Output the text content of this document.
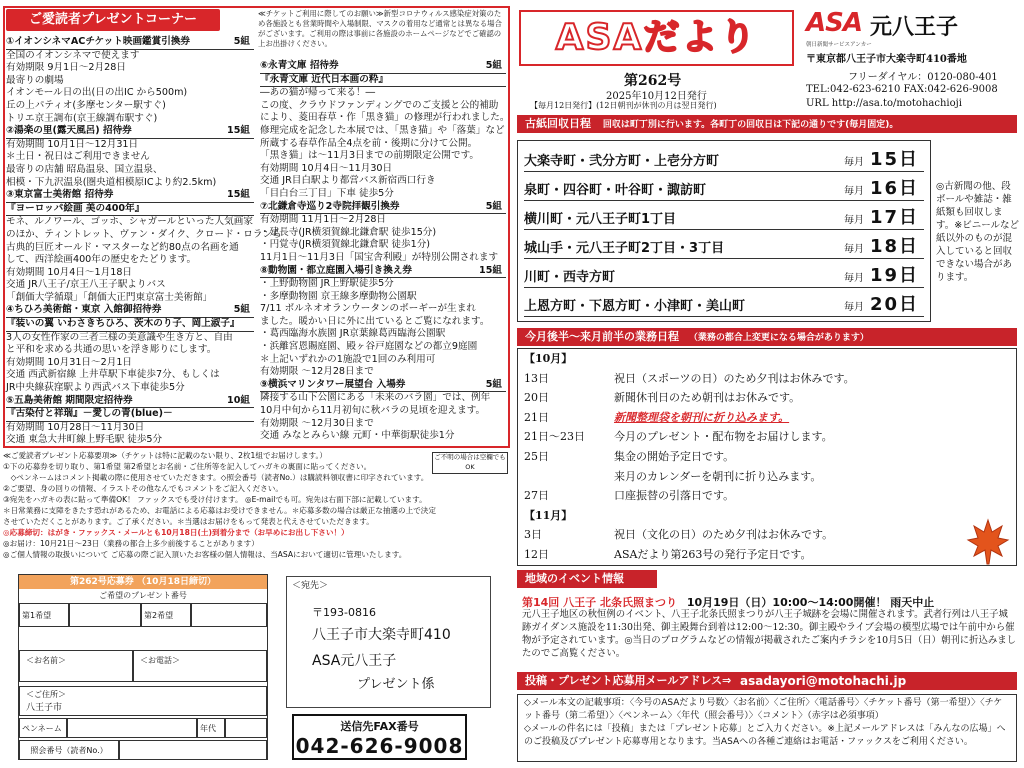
ご愛読者プレゼントコーナー	≪チケットご利用に際してのお願い≫新型コロナウィルス感染症対策のため各施設とも営業時間や入場制限、マスクの着用など通常とは異なる場合がございます。ご利用の際は事前に各施設のホームページなどでご確認の上お出掛けください。
①イオンシネマACチケット映画鑑賞引換券	5組
全国のイオンシネマで使えます
有効期限 9月1日～2月28日
最寄りの劇場
イオンモール日の出(日の出IC から500m)
丘の上パティオ(多摩センター駅すぐ)
トリエ京王調布(京王線調布駅すぐ)
②湯楽の里(露天風呂) 招待券	15組
有効期間 10月1日～12月31日
＊土日・祝日はご利用できません
最寄りの店舗 昭島温泉、国立温泉、
相模・下九沢温泉(圏央道相模原ICより約2.5km)
③東京富士美術館 招待券	15組
『ヨーロッパ絵画 美の400年』
モネ、ルノワール、ゴッホ、シャガールといった人気画家
のほか、ティントレット、ヴァン・ダイク、クロード・ロランら
古典的巨匠オールド・マスターなど約80点の名画を通
して、西洋絵画400年の歴史をたどります。
有効期間 10月4日～1月18日
交通 JR八王子/京王八王子駅よりバス
「創価大学循環」「創価大正門東京富士美術館」
④ちひろ美術館・東京 入館御招待券	5組
『装いの翼 いわさきちひろ、茨木のり子、岡上淑子』
3人の女性作家の三者三様の美意識や生き方と、自由
と平和を求める共通の思いを浮き彫りにします。
有効期間 10月31日～2月1日
交通 西武新宿線 上井草駅下車徒歩7分、もしくは
JR中央線荻窪駅より西武バス下車徒歩5分
⑤五島美術館 期間限定招待券	10組
『古染付と祥瑞』－愛しの青(blue)－
有効期間 10月28日～11月30日
交通 東急大井町線上野毛駅 徒歩5分
⑥永青文庫 招待券	5組
『永青文庫 近代日本画の粋』
―あの猫が帰って来る！―
この度、クラウドファンディングでのご支援と公的補助
により、菱田春草・作「黒き猫」の修理が行われました。
修理完成を記念した本展では、「黒き猫」や「落葉」など
所蔵する春草作品全4点を前・後期に分けて公開。
「黒き猫」は～11月3日までの前期限定公開です。
有効期間 10月4日～11月30日
交通 JR目白駅より都営バス新宿西口行き
「目白台三丁目」下車 徒歩5分
⑦北鎌倉寺巡り2寺院拝観引換券	5組
有効期間 11月1日～2月28日
・建長寺(JR横須賀線北鎌倉駅 徒歩15分)
・円覚寺(JR横須賀線北鎌倉駅 徒歩1分)
11月1日～11月3日「国宝舎利殿」が特別公開されます
⑧動物園・都立庭園入場引き換え券	15組
・上野動物園 JR上野駅徒歩5分
・多摩動物園 京王線多摩動物公園駅
7/11 ボルネオオランウータンのボーギーが生まれ
ました。暖かい日に外に出ているとご覧になれます。
・葛西臨海水族園 JR京葉線葛西臨海公園駅
・浜離宮恩賜庭園、殿ヶ谷戸庭園などの都立9庭園
＊上記いずれかの1施設で1回のみ利用可
有効期限 ～12月28日まで
⑨横浜マリンタワー展望台 入場券	5組
隣接する山下公園にある「未来のバラ園」では、例年
10月中旬から11月初旬に秋バラの見頃を迎えます。
有効期限 ～12月30日まで
交通 みなとみらい線 元町・中華街駅徒歩1分
≪ご愛読者プレゼント応募要項≫（チケットは特に記載のない限り、2枚1組でお届けします。）
①下の応募券を切り取り、第1希望 第2希望とお名前・ご住所等を記入してハガキの裏面に貼ってください。
　◇ペンネームはコメント掲載の際に使用させていただきます。◇照会番号（読者No.）は購読料領収書に印字されています。
②ご要望、身の回りの情報、イラストその他なんでもコメントをご記入ください。
③宛先をハガキの表に貼って準備OK！ ファックスでも受け付けます。 ◎E-mailでも可。宛先は右面下部に記載しています。
＊日常業務に支障をきたす恐れがあるため、お電話による応募はお受けできません。＊応募多数の場合は厳正な抽選の上で決定
させていただくことがあります。ご了承ください。＊当選はお届けをもって発表と代えさせていただきます。
◎応募締切：はがき・ファックス・メールとも10月18日(土)到着分まで（お早めにお出し下さい！）
◎お届け：10月21日～23日（業務の都合上多少前後することがあります）
◎ご個人情報の取扱いについて ご応募の際ご記入頂いたお客様の個人情報は、当ASAにおいて適切に管理いたします。
ご不明の場合は空欄でもOK
第262号応募券 （10月18日締切）
ご希望のプレゼント番号
第1希望	第2希望
＜お名前＞	＜お電話＞
＜ご住所＞
八王子市
ペンネーム	年代
照会番号（読者No.）
＜宛先＞
〒193-0816
八王子市大楽寺町410
ASA元八王子
プレゼント係
送信先FAX番号
042-626-9008
ASAだより
第262号
2025年10月12日発行
【毎月12日発行】(12日朝刊が休刊の月は翌日発行)
ASA 元八王子
朝日新聞サービスアンカー
〒東京都八王子市大楽寺町410番地
フリーダイヤル：0120-080-401
TEL:042-623-6210 FAX:042-626-9008
URL http://asa.to/motohachioji
古紙回収日程 回収は町丁別に行います。各町丁の回収日は下記の通りです(毎月固定)。
大楽寺町・弐分方町・上壱分方町	毎月 15日
泉町・四谷町・叶谷町・諏訪町	毎月 16日
横川町・元八王子町1丁目	毎月 17日
城山手・元八王子町2丁目・3丁目	毎月 18日
川町・西寺方町	毎月 19日
上恩方町・下恩方町・小津町・美山町	毎月 20日
◎古新聞の他、段ボールや雑誌・雑紙類も回収します。※ビニールなど紙以外のものが混入していると回収できない場合があります。
今月後半～来月前半の業務日程 （業務の都合上変更になる場合があります）
【10月】
13日	祝日（スポーツの日）のため夕刊はお休みです。
20日	新聞休刊日のため朝刊はお休みです。
21日	新聞整理袋を朝刊に折り込みます。
21日～23日	今月のプレゼント・配布物をお届けします。
25日	集金の開始予定日です。
来月のカレンダーを朝刊に折り込みます。
27日	口座振替の引落日です。
【11月】
3日	祝日（文化の日）のため夕刊はお休みです。
12日	ASAだより第263号の発行予定日です。
地域のイベント情報
第14回 八王子 北条氏照まつり 10月19日（日）10:00～14:00開催！ 雨天中止
元八王子地区の秋恒例のイベント、八王子北条氏照まつりが八王子城跡を会場に開催されます。武者行列は八王子城跡ガイダンス施設を11:30出発、御主殿舞台到着は12:00～12:30。御主殿やライブ会場の模型広場では午前中から催物が予定されています。◎当日のプログラムなどの情報が掲載されたご案内チラシを10月5日（日）朝刊に折込みましたのでご高覧ください。
投稿・プレゼント応募用メールアドレス⇒ asadayori@motohachi.jp
◇メール本文の記載事項：〈今号のASAだより号数〉〈お名前〉〈ご住所〉〈電話番号〉〈チケット番号（第一希望）〉〈チケット番号（第二希望）〉〈ペンネーム〉〈年代（照会番号）〉〈コメント〉（赤字は必須事項）
◇メールの件名には「投稿」または「プレゼント応募」とご入力ください。※上記メールアドレスは「みんなの広場」へのご投稿及びプレゼント応募専用となります。当ASAへの各種ご連絡はお電話・ファックスをご利用ください。
